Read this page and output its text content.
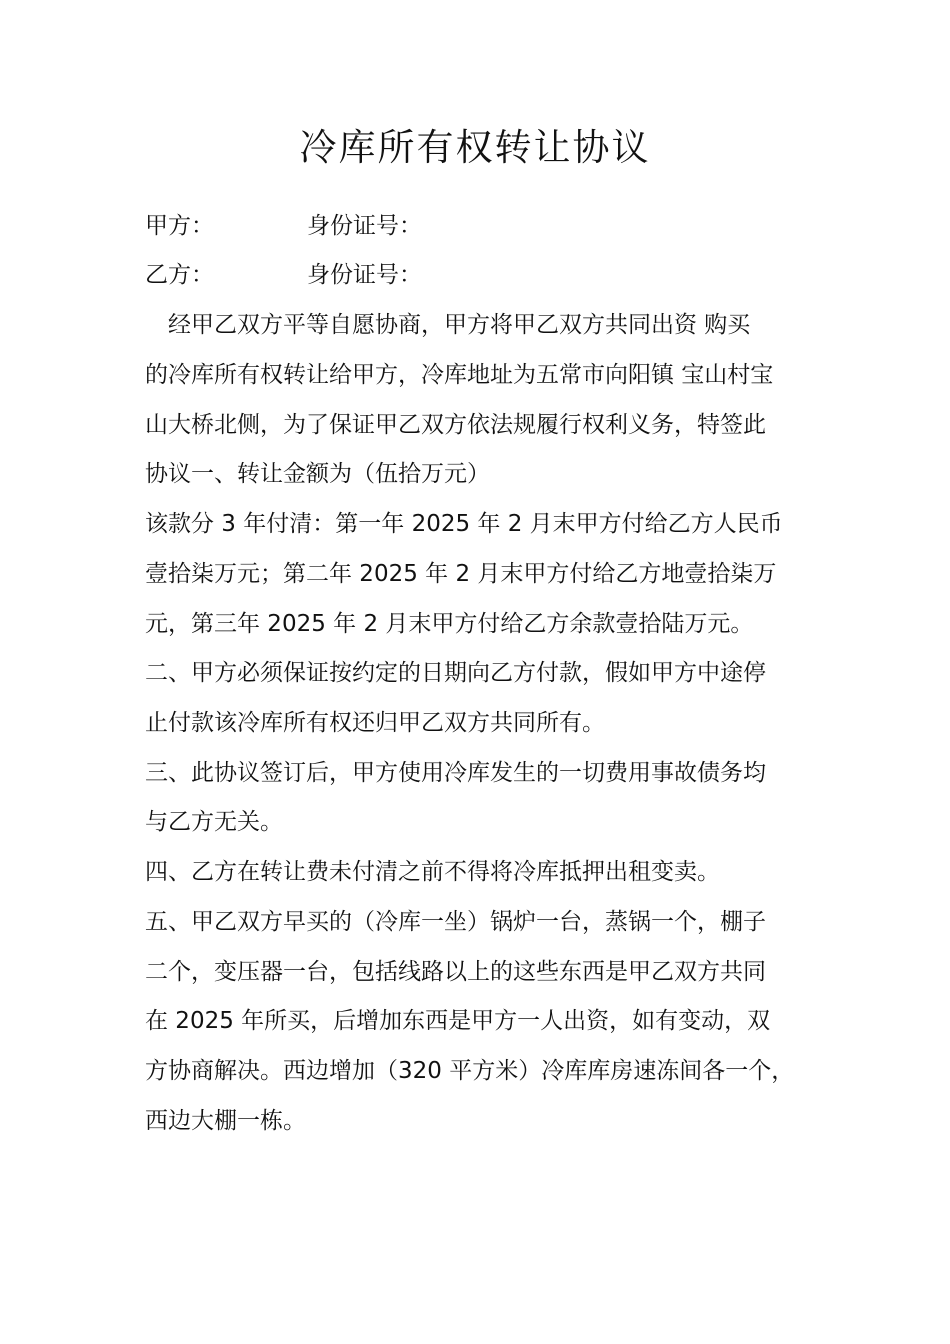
冷库所有权转让协议
甲方：	身份证号：
乙方：	身份证号：
　经甲乙双方平等自愿协商，甲方将甲乙双方共同出资 购买
的冷库所有权转让给甲方，冷库地址为五常市向阳镇 宝山村宝
山大桥北侧，为了保证甲乙双方依法规履行权利义务，特签此
协议一、转让金额为（伍拾万元）
该款分 3 年付清：第一年 2025 年 2 月末甲方付给乙方人民币
壹拾柒万元；第二年 2025 年 2 月末甲方付给乙方地壹拾柒万
元，第三年 2025 年 2 月末甲方付给乙方余款壹拾陆万元。
二、甲方必须保证按约定的日期向乙方付款，假如甲方中途停
止付款该冷库所有权还归甲乙双方共同所有。
三、此协议签订后，甲方使用冷库发生的一切费用事故债务均
与乙方无关。
四、乙方在转让费未付清之前不得将冷库抵押出租变卖。
五、甲乙双方早买的（冷库一坐）锅炉一台，蒸锅一个，棚子
二个，变压器一台，包括线路以上的这些东西是甲乙双方共同
在 2025 年所买，后增加东西是甲方一人出资，如有变动，双
方协商解决。西边增加（320 平方米）冷库库房速冻间各一个，
西边大棚一栋。
